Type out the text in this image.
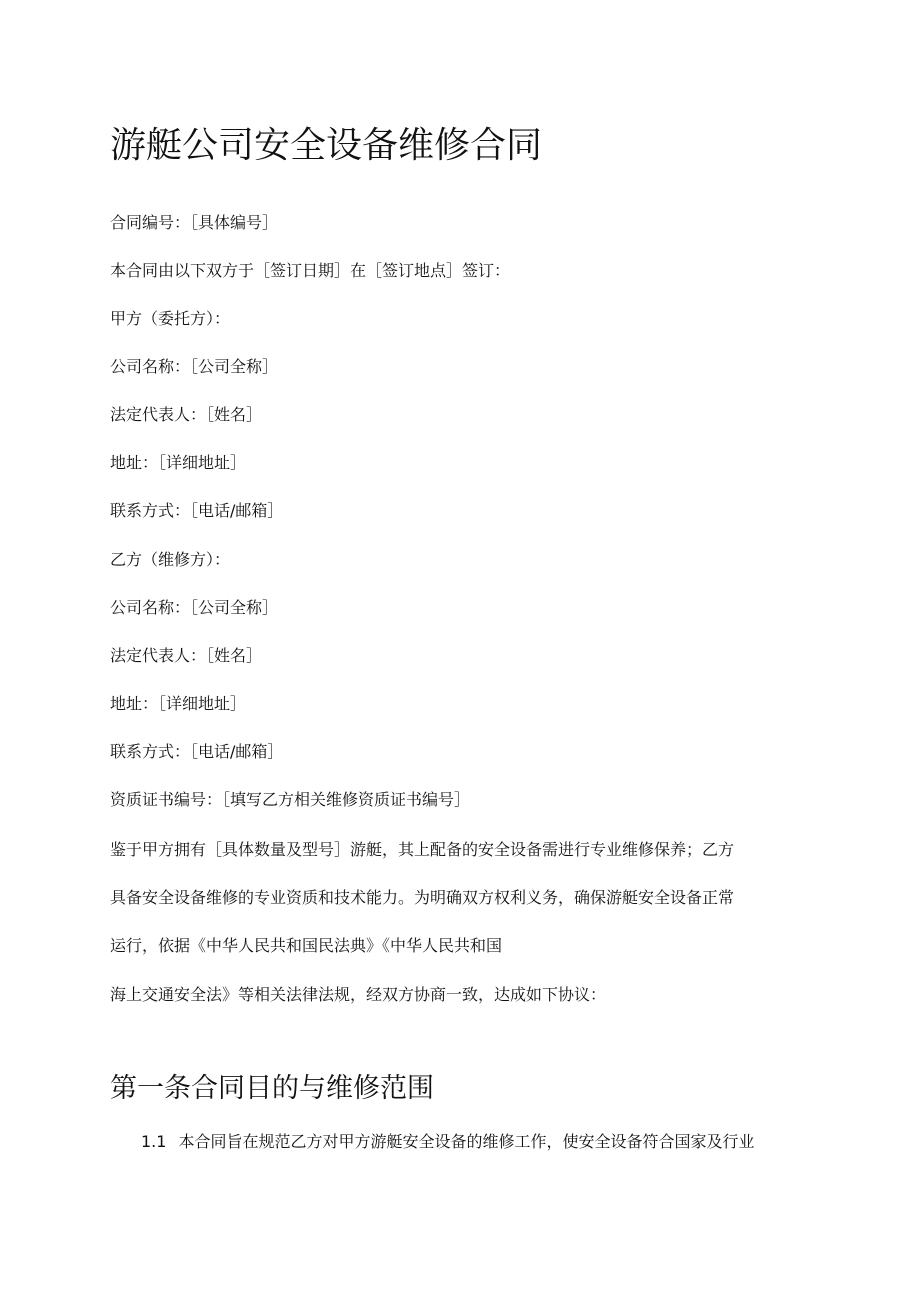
游艇公司安全设备维修合同

合同编号：［具体编号］

本合同由以下双方于［签订日期］在［签订地点］签订：

甲方（委托方）：

公司名称：［公司全称］

法定代表人：［姓名］

地址：［详细地址］

联系方式：［电话/邮箱］

乙方（维修方）：

公司名称：［公司全称］

法定代表人：［姓名］

地址：［详细地址］

联系方式：［电话/邮箱］

资质证书编号：［填写乙方相关维修资质证书编号］

鉴于甲方拥有［具体数量及型号］游艇，其上配备的安全设备需进行专业维修保养；乙方

具备安全设备维修的专业资质和技术能力。为明确双方权利义务，确保游艇安全设备正常

运行，依据《中华人民共和国民法典》《中华人民共和国

海上交通安全法》等相关法律法规，经双方协商一致，达成如下协议：

第一条合同目的与维修范围

1.1 本合同旨在规范乙方对甲方游艇安全设备的维修工作，使安全设备符合国家及行业
